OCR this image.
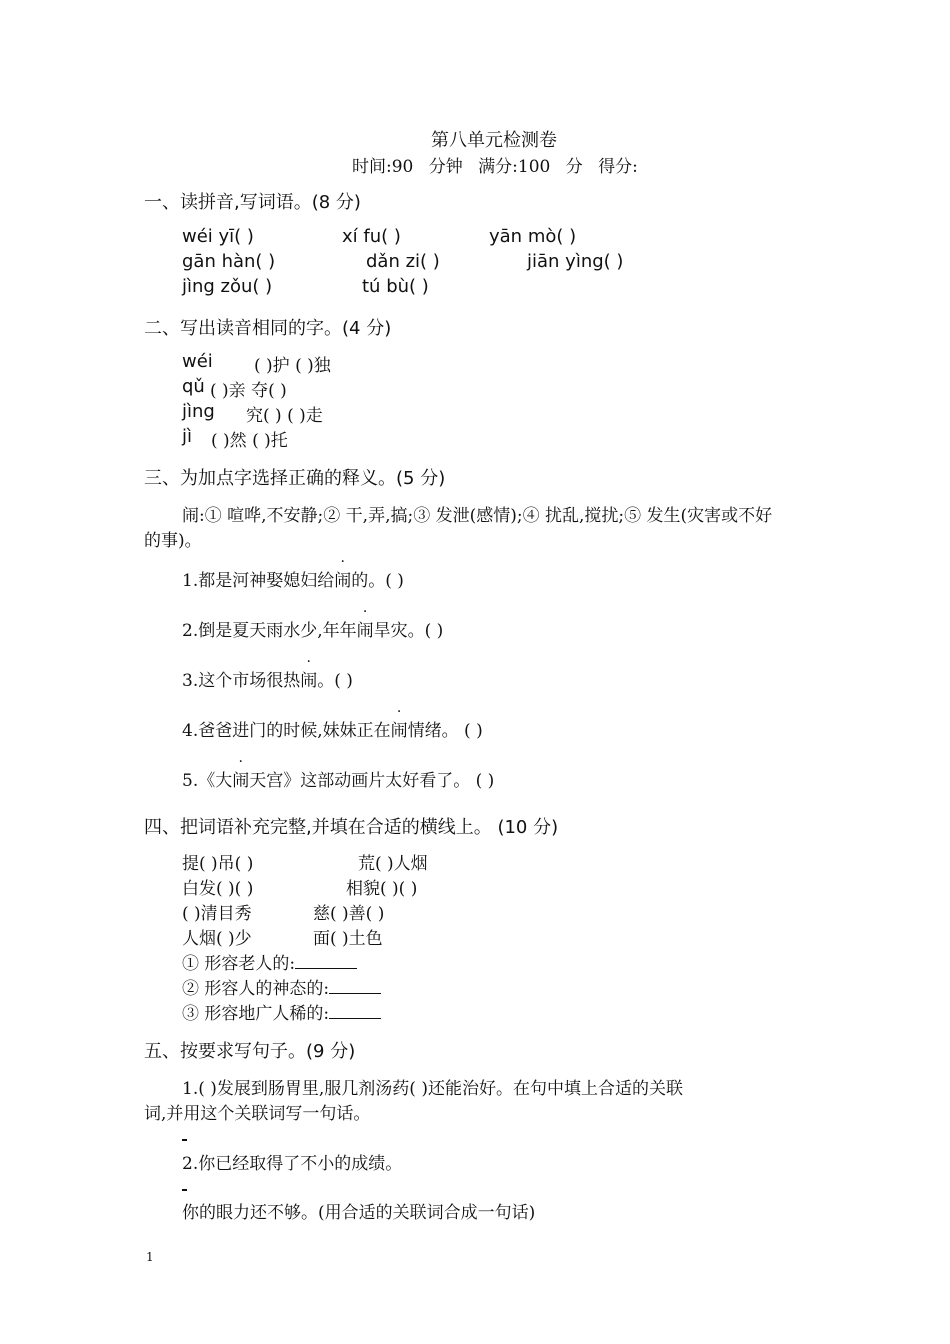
第八单元检测卷
时间:90 分钟 满分:100 分 得分:
一、读拼音,写词语。(8 分)
wéi yī( )	xí fu( )	yān mò( )
gān hàn( )	dǎn zi( )	jiān yìng( )
jìng zǒu( )	tú bù( )
二、写出读音相同的字。(4 分)
wéi ( )护 ( )独
qǔ ( )亲 夺( )
jìng 究( ) ( )走
jì ( )然 ( )托
三、为加点字选择正确的释义。(5 分)
闹:① 喧哗,不安静;② 干,弄,搞;③ 发泄(感情);④ 扰乱,搅扰;⑤ 发生(灾害或不好
的事)。
1.都是河神娶媳妇给闹的。( )
2.倒是夏天雨水少,年年闹旱灾。( )
3.这个市场很热闹。( )
4.爸爸进门的时候,妹妹正在闹情绪。 ( )
5.《大闹天宫》这部动画片太好看了。 ( )
四、把词语补充完整,并填在合适的横线上。 (10 分)
提( )吊( )	荒( )人烟
白发( )( )	相貌( )( )
( )清目秀	慈( )善( )
人烟( )少	面( )土色
① 形容老人的:
② 形容人的神态的:
③ 形容地广人稀的:
五、按要求写句子。(9 分)
1.( )发展到肠胃里,服几剂汤药( )还能治好。在句中填上合适的关联
词,并用这个关联词写一句话。
2.你已经取得了不小的成绩。
你的眼力还不够。(用合适的关联词合成一句话)
1
